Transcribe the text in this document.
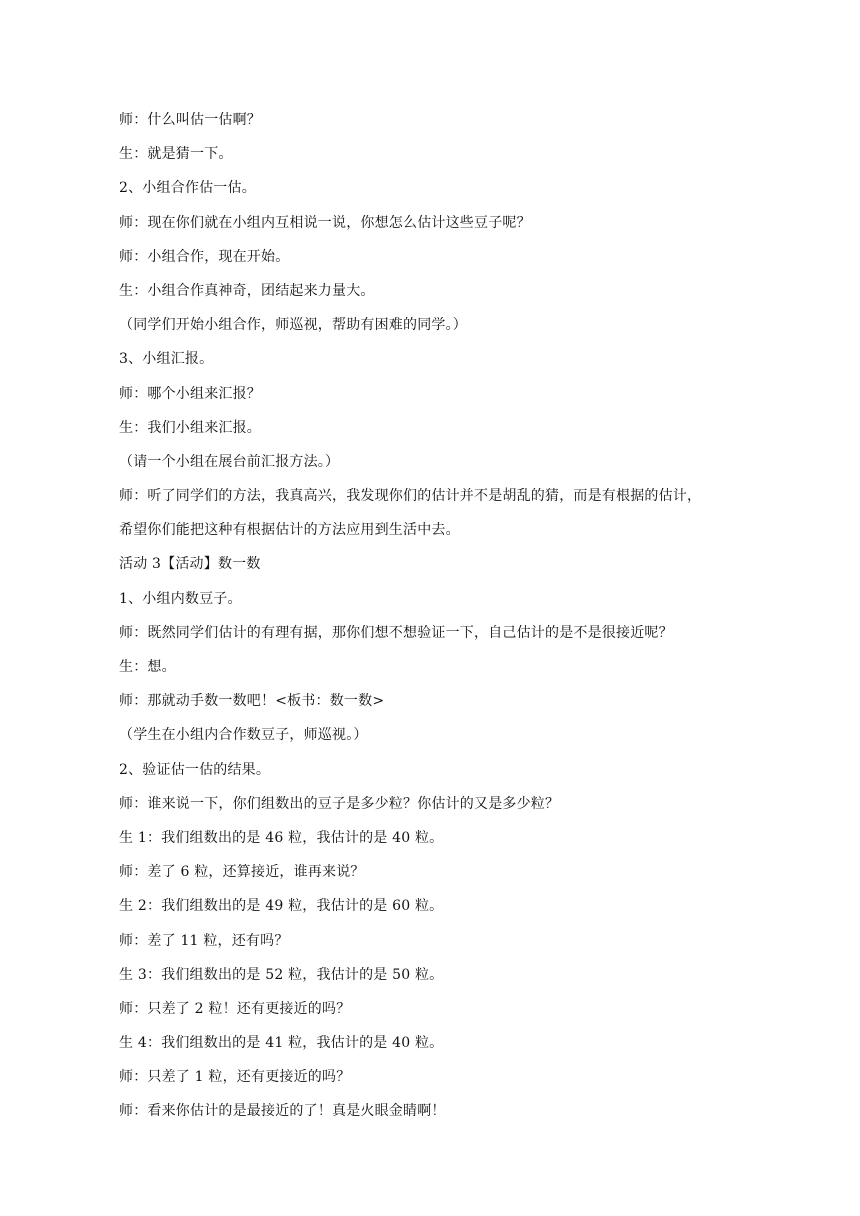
师：什么叫估一估啊？
生：就是猜一下。
2、小组合作估一估。
师：现在你们就在小组内互相说一说，你想怎么估计这些豆子呢？
师：小组合作，现在开始。
生：小组合作真神奇，团结起来力量大。
（同学们开始小组合作，师巡视，帮助有困难的同学。）
3、小组汇报。
师：哪个小组来汇报？
生：我们小组来汇报。
（请一个小组在展台前汇报方法。）
师：听了同学们的方法，我真高兴，我发现你们的估计并不是胡乱的猜，而是有根据的估计，
希望你们能把这种有根据估计的方法应用到生活中去。
活动 3【活动】数一数
1、小组内数豆子。
师：既然同学们估计的有理有据，那你们想不想验证一下，自己估计的是不是很接近呢？
生：想。
师：那就动手数一数吧！<板书：数一数>
（学生在小组内合作数豆子，师巡视。）
2、验证估一估的结果。
师：谁来说一下，你们组数出的豆子是多少粒？你估计的又是多少粒？
生 1：我们组数出的是 46 粒，我估计的是 40 粒。
师：差了 6 粒，还算接近，谁再来说？
生 2：我们组数出的是 49 粒，我估计的是 60 粒。
师：差了 11 粒，还有吗？
生 3：我们组数出的是 52 粒，我估计的是 50 粒。
师：只差了 2 粒！还有更接近的吗？
生 4：我们组数出的是 41 粒，我估计的是 40 粒。
师：只差了 1 粒，还有更接近的吗？
师：看来你估计的是最接近的了！真是火眼金睛啊！
